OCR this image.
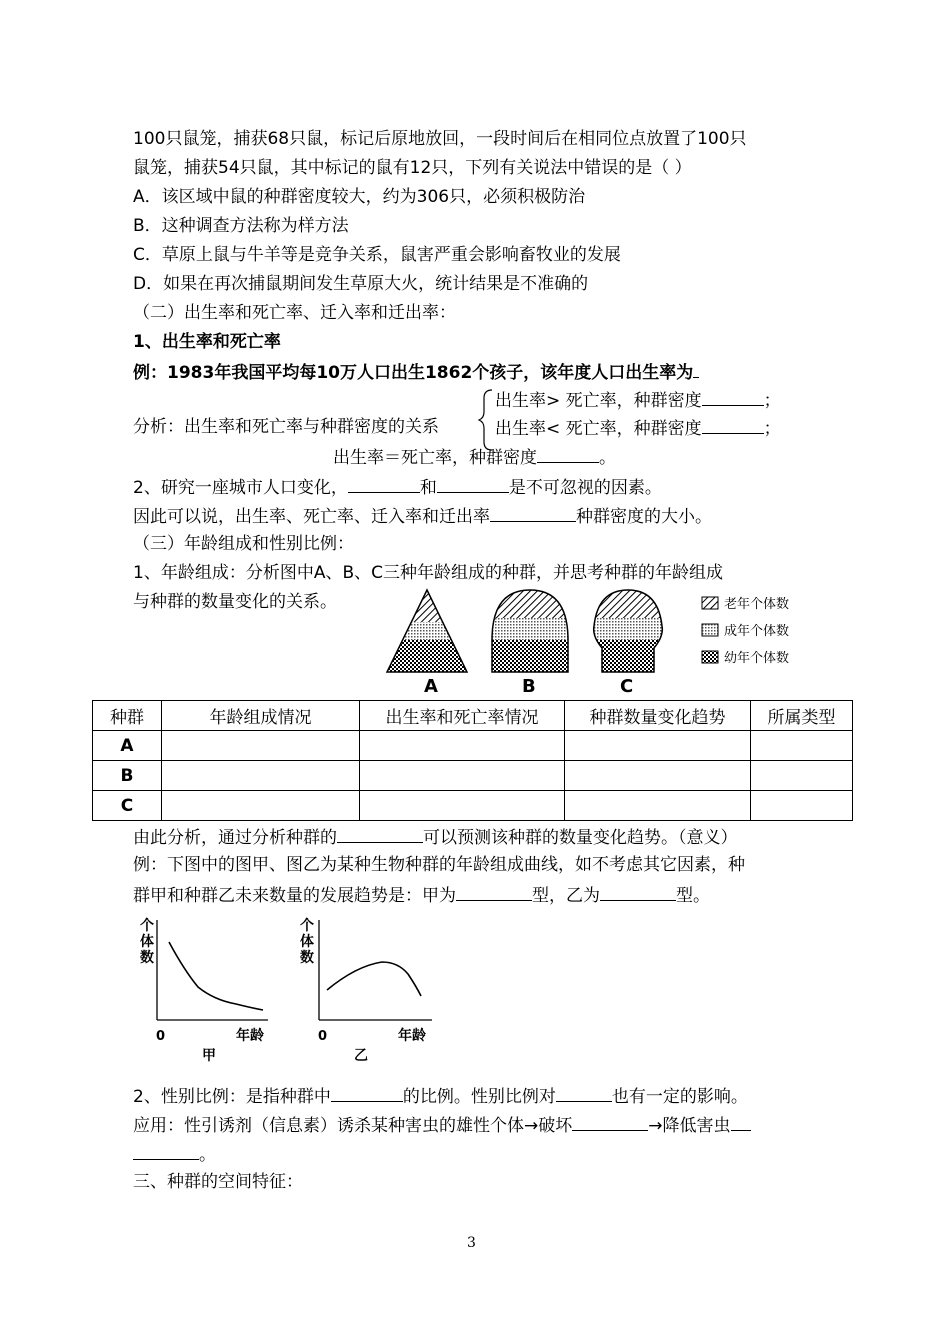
100只鼠笼，捕获68只鼠，标记后原地放回，一段时间后在相同位点放置了100只
鼠笼，捕获54只鼠，其中标记的鼠有12只，下列有关说法中错误的是（ ）
A．该区域中鼠的种群密度较大，约为306只，必须积极防治
B．这种调查方法称为样方法
C．草原上鼠与牛羊等是竞争关系，鼠害严重会影响畜牧业的发展
D．如果在再次捕鼠期间发生草原大火，统计结果是不准确的
（二）出生率和死亡率、迁入率和迁出率：
1、出生率和死亡率
例：1983年我国平均每10万人口出生1862个孩子，该年度人口出生率为
出生率> 死亡率，种群密度	；
分析：出生率和死亡率与种群密度的关系	出生率< 死亡率，种群密度	；
出生率＝死亡率，种群密度	。
2、研究一座城市人口变化，	和	是不可忽视的因素。
因此可以说，出生率、死亡率、迁入率和迁出率	种群密度的大小。
（三）年龄组成和性别比例：
1、年龄组成：分析图中A、B、C三种年龄组成的种群，并思考种群的年龄组成
与种群的数量变化的关系。
A	B	C
老年个体数
成年个体数
幼年个体数
种群	年龄组成情况	出生率和死亡率情况	种群数量变化趋势	所属类型
A				
B				
C				
由此分析，通过分析种群的	可以预测该种群的数量变化趋势。（意义）
例：下图中的图甲、图乙为某种生物种群的年龄组成曲线，如不考虑其它因素，种
群甲和种群乙未来数量的发展趋势是：甲为	型，乙为	型。
个
体
数
0	年龄
甲
个
体
数
0	年龄
乙
2、性别比例：是指种群中	的比例。性别比例对	也有一定的影响。
应用：性引诱剂（信息素）诱杀某种害虫的雄性个体→破坏	→降低害虫
。
三、种群的空间特征：
3
